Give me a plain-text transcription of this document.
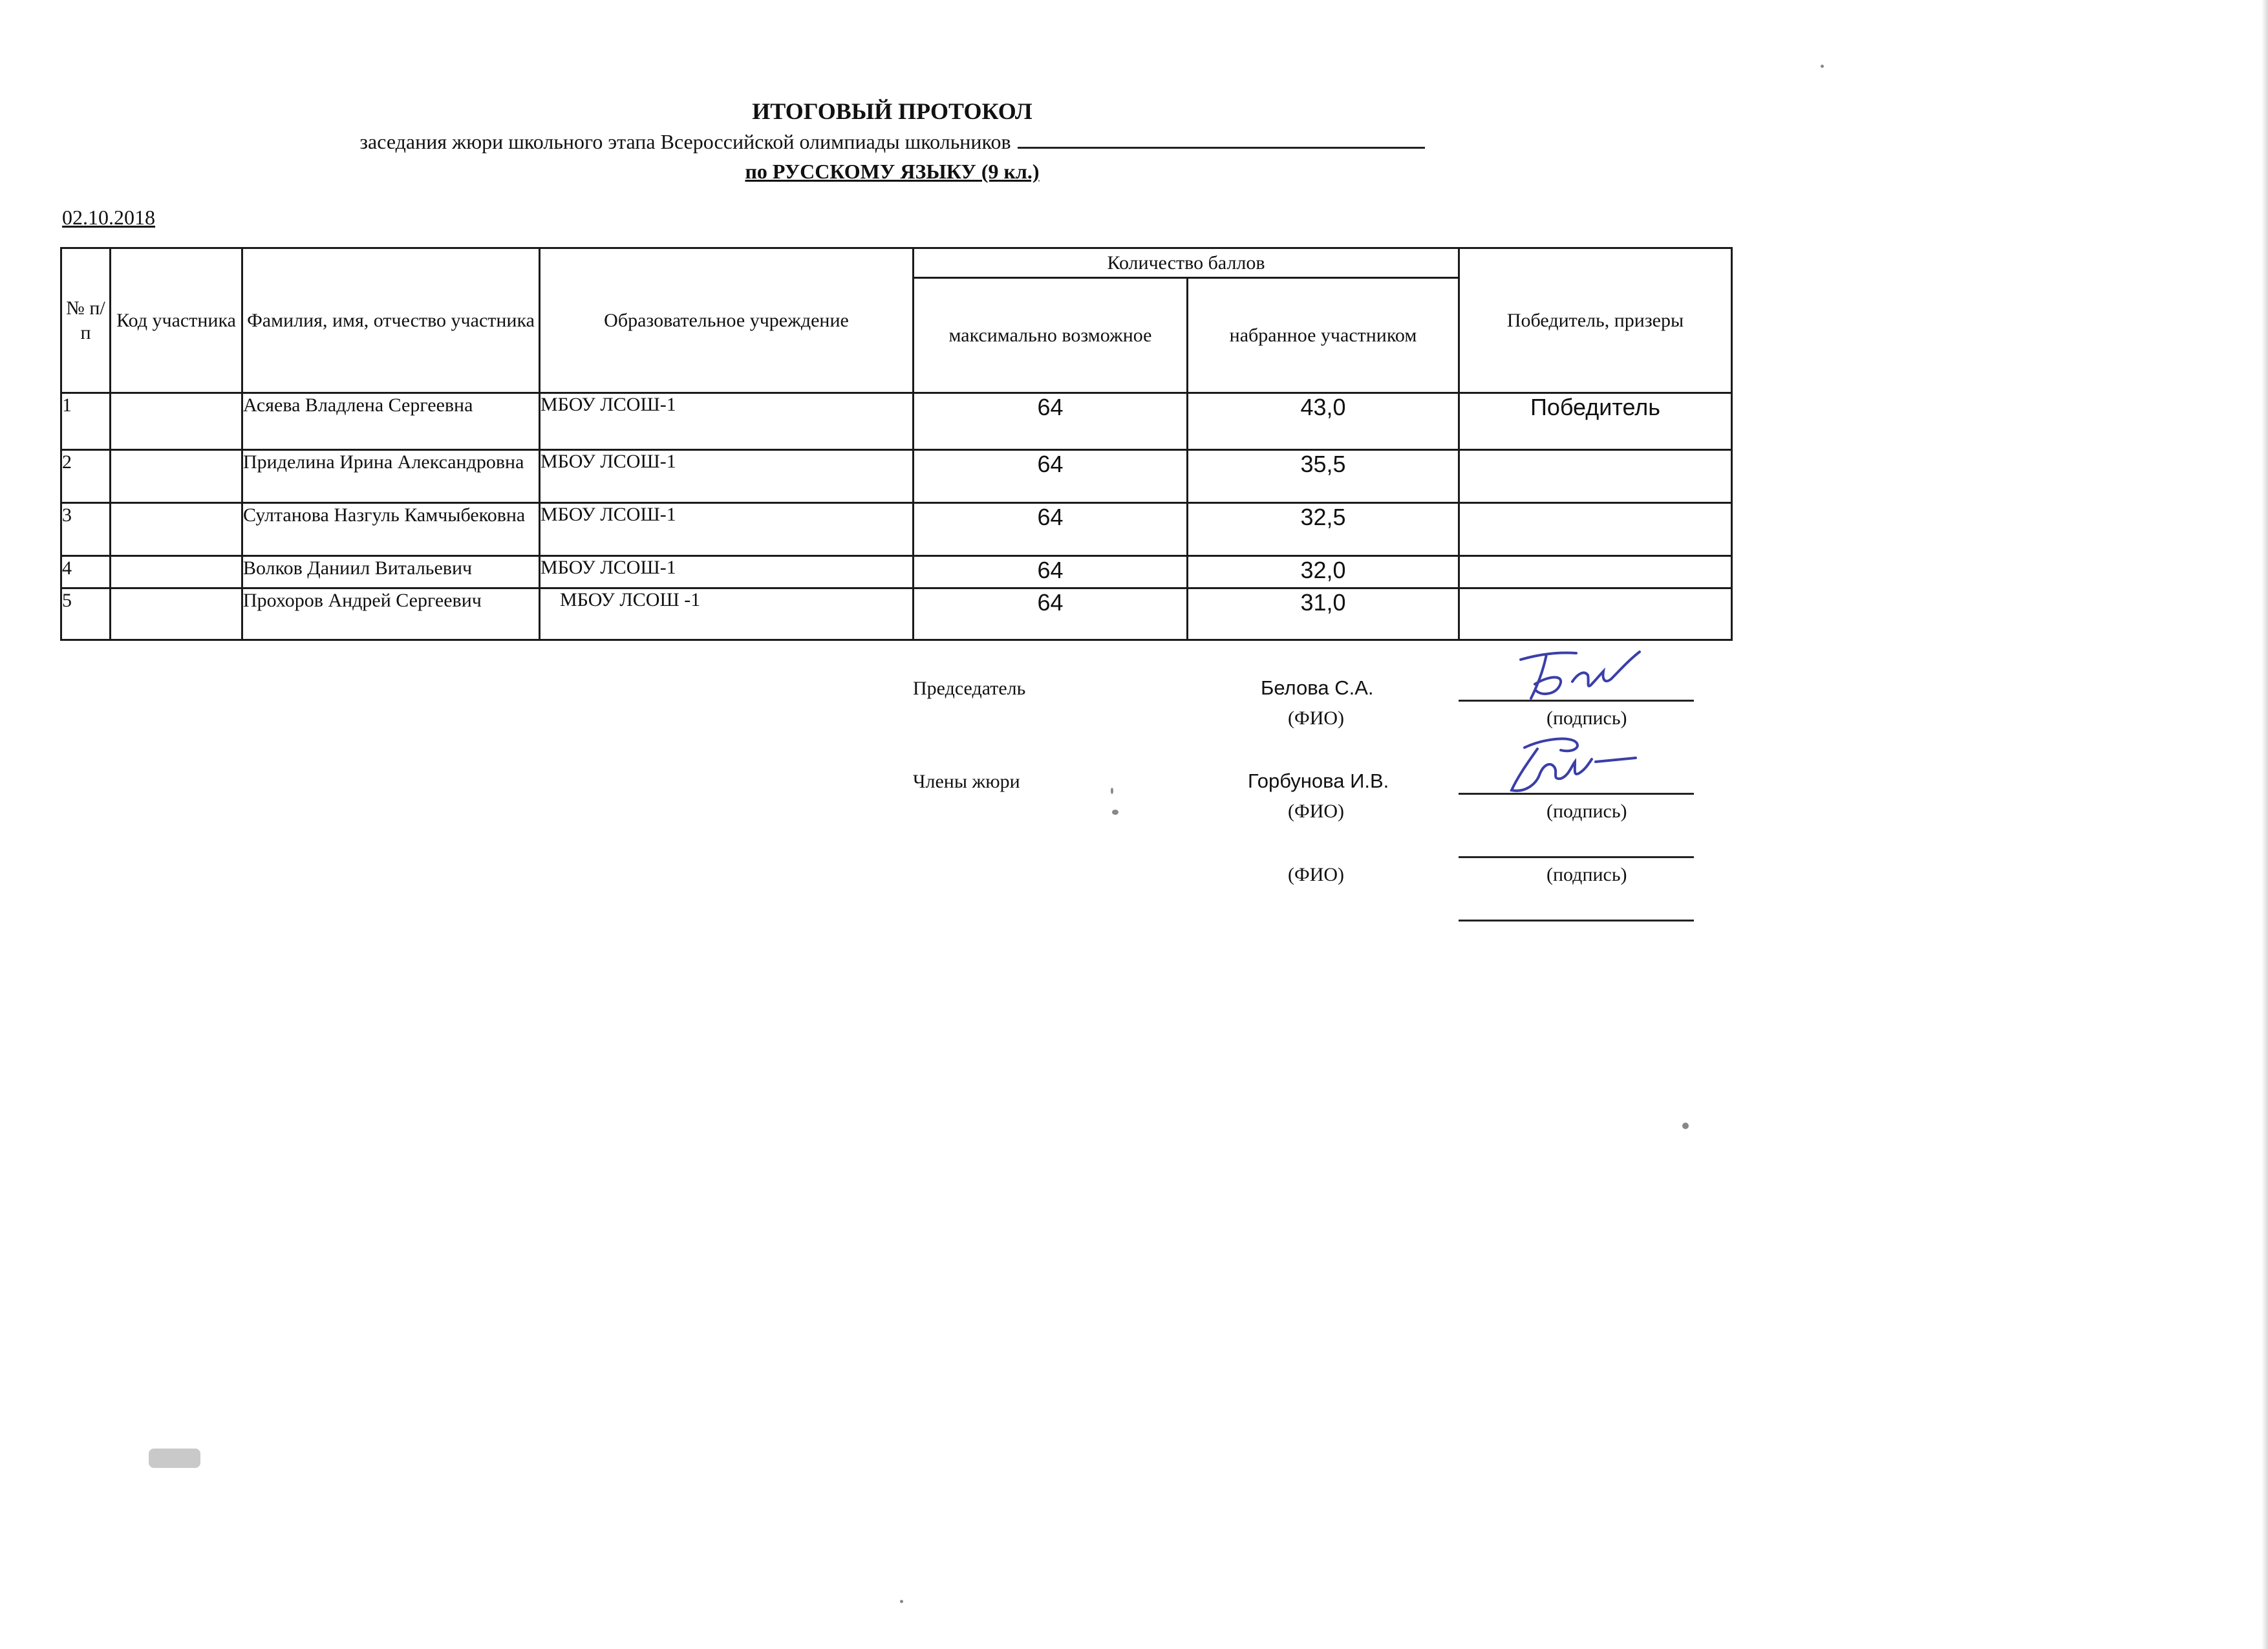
ИТОГОВЫЙ ПРОТОКОЛ
заседания жюри школьного этапа Всероссийской олимпиады школьников
по РУССКОМУ ЯЗЫКУ (9 кл.)
02.10.2018
№ п/п	Код участника	Фамилия, имя, отчество участника	Образовательное учреждение	Количество баллов		Победитель, призеры
				максимально возможное	набранное участником	
1		Асяева Владлена Сергеевна	МБОУ ЛСОШ-1	64	43,0	Победитель
2		Приделина Ирина Александровна	МБОУ ЛСОШ-1	64	35,5	
3		Султанова Назгуль Камчыбековна	МБОУ ЛСОШ-1	64	32,5	
4		Волков Даниил Витальевич	МБОУ ЛСОШ-1	64	32,0	
5		Прохоров Андрей Сергеевич	МБОУ ЛСОШ -1	64	31,0	
Председатель	Белова С.А.
(ФИО)	(подпись)
Члены жюри	Горбунова И.В.
(ФИО)	(подпись)
(ФИО)	(подпись)
